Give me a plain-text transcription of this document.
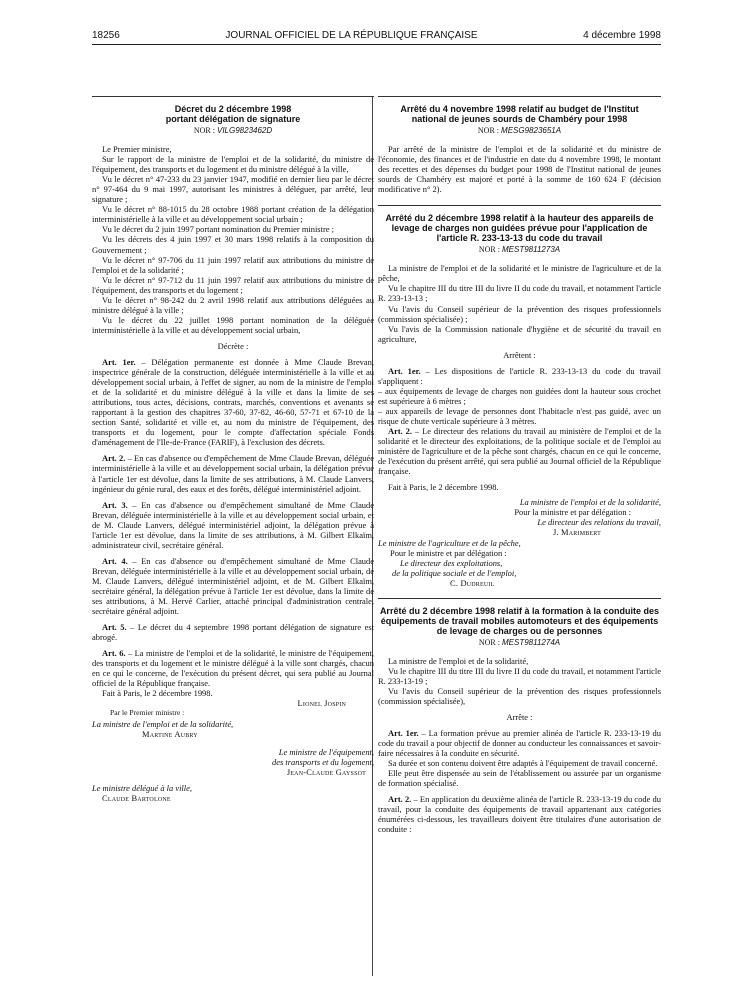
18256	JOURNAL OFFICIEL DE LA RÉPUBLIQUE FRANÇAISE	4 décembre 1998
Décret du 2 décembre 1998
portant délégation de signature
NOR : VILG9823462D

Le Premier ministre,

Sur le rapport de la ministre de l'emploi et de la solidarité, du ministre de l'équipement, des transports et du logement et du ministre délégué à la ville,

Vu le décret n° 47-233 du 23 janvier 1947, modifié en dernier lieu par le décret n° 97-464 du 9 mai 1997, autorisant les ministres à déléguer, par arrêté, leur signature ;

Vu le décret n° 88-1015 du 28 octobre 1988 portant création de la délégation interministérielle à la ville et au développement social urbain ;

Vu le décret du 2 juin 1997 portant nomination du Premier ministre ;

Vu les décrets des 4 juin 1997 et 30 mars 1998 relatifs à la composition du Gouvernement ;

Vu le décret n° 97-706 du 11 juin 1997 relatif aux attributions du ministre de l'emploi et de la solidarité ;

Vu le décret n° 97-712 du 11 juin 1997 relatif aux attributions du ministre de l'équipement, des transports et du logement ;

Vu le décret n° 98-242 du 2 avril 1998 relatif aux attributions déléguées au ministre délégué à la ville ;

Vu le décret du 22 juillet 1998 portant nomination de la déléguée interministérielle à la ville et au développement social urbain,

Décrète :

Art. 1er. – Délégation permanente est donnée à Mme Claude Brevan, inspectrice générale de la construction, déléguée interministérielle à la ville et au développement social urbain, à l'effet de signer, au nom de la ministre de l'emploi et de la solidarité et du ministre délégué à la ville et dans la limite de ses attributions, tous actes, décisions, contrats, marchés, conventions et avenants se rapportant à la gestion des chapitres 37-60, 37-82, 46-60, 57-71 et 67-10 de la section Santé, solidarité et ville et, au nom du ministre de l'équipement, des transports et du logement, pour le compte d'affectation spéciale Fonds d'aménagement de l'Ile-de-France (FARIF), à l'exclusion des décrets.

Art. 2. – En cas d'absence ou d'empêchement de Mme Claude Brevan, déléguée interministérielle à la ville et au développement social urbain, la délégation prévue à l'article 1er est dévolue, dans la limite de ses attributions, à M. Claude Lanvers, ingénieur du génie rural, des eaux et des forêts, délégué interministériel adjoint.

Art. 3. – En cas d'absence ou d'empêchement simultané de Mme Claude Brevan, déléguée interministérielle à la ville et au développement social urbain, et de M. Claude Lanvers, délégué interministériel adjoint, la délégation prévue à l'article 1er est dévolue, dans la limite de ses attributions, à M. Gilbert Elkaïm, administrateur civil, secrétaire général.

Art. 4. – En cas d'absence ou d'empêchement simultané de Mme Claude Brevan, déléguée interministérielle à la ville et au développement social urbain, de M. Claude Lanvers, délégué interministériel adjoint, et de M. Gilbert Elkaïm, secrétaire général, la délégation prévue à l'article 1er est dévolue, dans la limite de ses attributions, à M. Hervé Carlier, attaché principal d'administration centrale, secrétaire général adjoint.

Art. 5. – Le décret du 4 septembre 1998 portant délégation de signature est abrogé.

Art. 6. – La ministre de l'emploi et de la solidarité, le ministre de l'équipement, des transports et du logement et le ministre délégué à la ville sont chargés, chacun en ce qui le concerne, de l'exécution du présent décret, qui sera publié au Journal officiel de la République française.

Fait à Paris, le 2 décembre 1998.

Lionel Jospin

Par le Premier ministre :

La ministre de l'emploi et de la solidarité,

Martine Aubry

Le ministre de l'équipement,

des transports et du logement,

Jean-Claude Gayssot

Le ministre délégué à la ville,

Claude Bartolone

Arrêté du 4 novembre 1998 relatif au budget de l'Institut national de jeunes sourds de Chambéry pour 1998
NOR : MESG9823651A

Par arrêté de la ministre de l'emploi et de la solidarité et du ministre de l'économie, des finances et de l'industrie en date du 4 novembre 1998, le montant des recettes et des dépenses du budget pour 1998 de l'Institut national de jeunes sourds de Chambéry est majoré et porté à la somme de 160 624 F (décision modificative n° 2).

Arrêté du 2 décembre 1998 relatif à la hauteur des appareils de levage de charges non guidées prévue pour l'application de l'article R. 233-13-13 du code du travail
NOR : MEST9811273A

La ministre de l'emploi et de la solidarité et le ministre de l'agriculture et de la pêche,

Vu le chapitre III du titre III du livre II du code du travail, et notamment l'article R. 233-13-13 ;

Vu l'avis du Conseil supérieur de la prévention des risques professionnels (commission spécialisée) ;

Vu l'avis de la Commission nationale d'hygiène et de sécurité du travail en agriculture,

Arrêtent :

Art. 1er. – Les dispositions de l'article R. 233-13-13 du code du travail s'appliquent :

– aux équipements de levage de charges non guidées dont la hauteur sous crochet est supérieure à 6 mètres ;

– aux appareils de levage de personnes dont l'habitacle n'est pas guidé, avec un risque de chute verticale supérieure à 3 mètres.

Art. 2. – Le directeur des relations du travail au ministère de l'emploi et de la solidarité et le directeur des exploitations, de la politique sociale et de l'emploi au ministère de l'agriculture et de la pêche sont chargés, chacun en ce qui le concerne, de l'exécution du présent arrêté, qui sera publié au Journal officiel de la République française.

Fait à Paris, le 2 décembre 1998.

La ministre de l'emploi et de la solidarité,

Pour la ministre et par délégation :

Le directeur des relations du travail,

J. Marimbert

Le ministre de l'agriculture et de la pêche,

Pour le ministre et par délégation :

Le directeur des exploitations,

de la politique sociale et de l'emploi,

C. Dudreuil

Arrêté du 2 décembre 1998 relatif à la formation à la conduite des équipements de travail mobiles automoteurs et des équipements de levage de charges ou de personnes
NOR : MEST9811274A

La ministre de l'emploi et de la solidarité,

Vu le chapitre III du titre III du livre II du code du travail, et notamment l'article R. 233-13-19 ;

Vu l'avis du Conseil supérieur de la prévention des risques professionnels (commission spécialisée),

Arrête :

Art. 1er. – La formation prévue au premier alinéa de l'article R. 233-13-19 du code du travail a pour objectif de donner au conducteur les connaissances et savoir-faire nécessaires à la conduite en sécurité.

Sa durée et son contenu doivent être adaptés à l'équipement de travail concerné.

Elle peut être dispensée au sein de l'établissement ou assurée par un organisme de formation spécialisé.

Art. 2. – En application du deuxième alinéa de l'article R. 233-13-19 du code du travail, pour la conduite des équipements de travail appartenant aux catégories énumérées ci-dessous, les travailleurs doivent être titulaires d'une autorisation de conduite :
